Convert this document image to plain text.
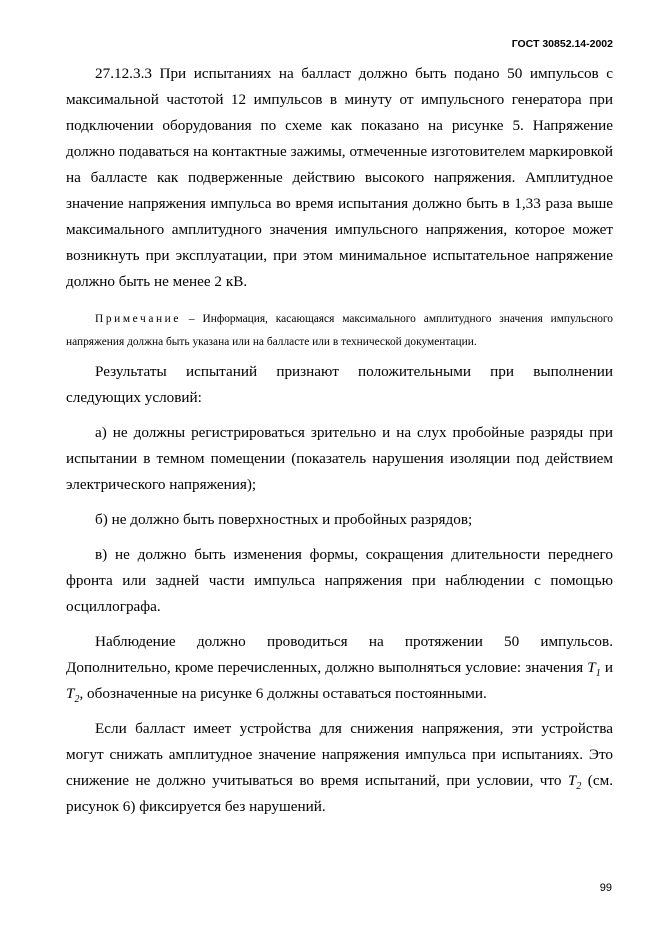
ГОСТ 30852.14-2002

27.12.3.3 При испытаниях на балласт должно быть подано 50 импульсов с максимальной частотой 12 импульсов в минуту от импульсного генератора при подключении оборудования по схеме как показано на рисунке 5. Напряжение должно подаваться на контактные зажимы, отмеченные изготовителем маркировкой на балласте как подверженные действию высокого напряжения. Амплитудное значение напряжения импульса во время испытания должно быть в 1,33 раза выше максимального амплитудного значения импульсного напряжения, которое может возникнуть при эксплуатации, при этом минимальное испытательное напряжение должно быть не менее 2 кВ.

Примечание – Информация, касающаяся максимального амплитудного значения импульсного напряжения должна быть указана или на балласте или в технической документации.

Результаты испытаний признают положительными при выполнении следующих условий:

а) не должны регистрироваться зрительно и на слух пробойные разряды при испытании в темном помещении (показатель нарушения изоляции под действием электрического напряжения);

б) не должно быть поверхностных и пробойных разрядов;

в) не должно быть изменения формы, сокращения длительности переднего фронта или задней части импульса напряжения при наблюдении с помощью осциллографа.

Наблюдение должно проводиться на протяжении 50 импульсов. Дополнительно, кроме перечисленных, должно выполняться условие: значения $T_1$ и $T_2$, обозначенные на рисунке 6 должны оставаться постоянными.

Если балласт имеет устройства для снижения напряжения, эти устройства могут снижать амплитудное значение напряжения импульса при испытаниях. Это снижение не должно учитываться во время испытаний, при условии, что $T_2$ (см. рисунок 6) фиксируется без нарушений.

99
